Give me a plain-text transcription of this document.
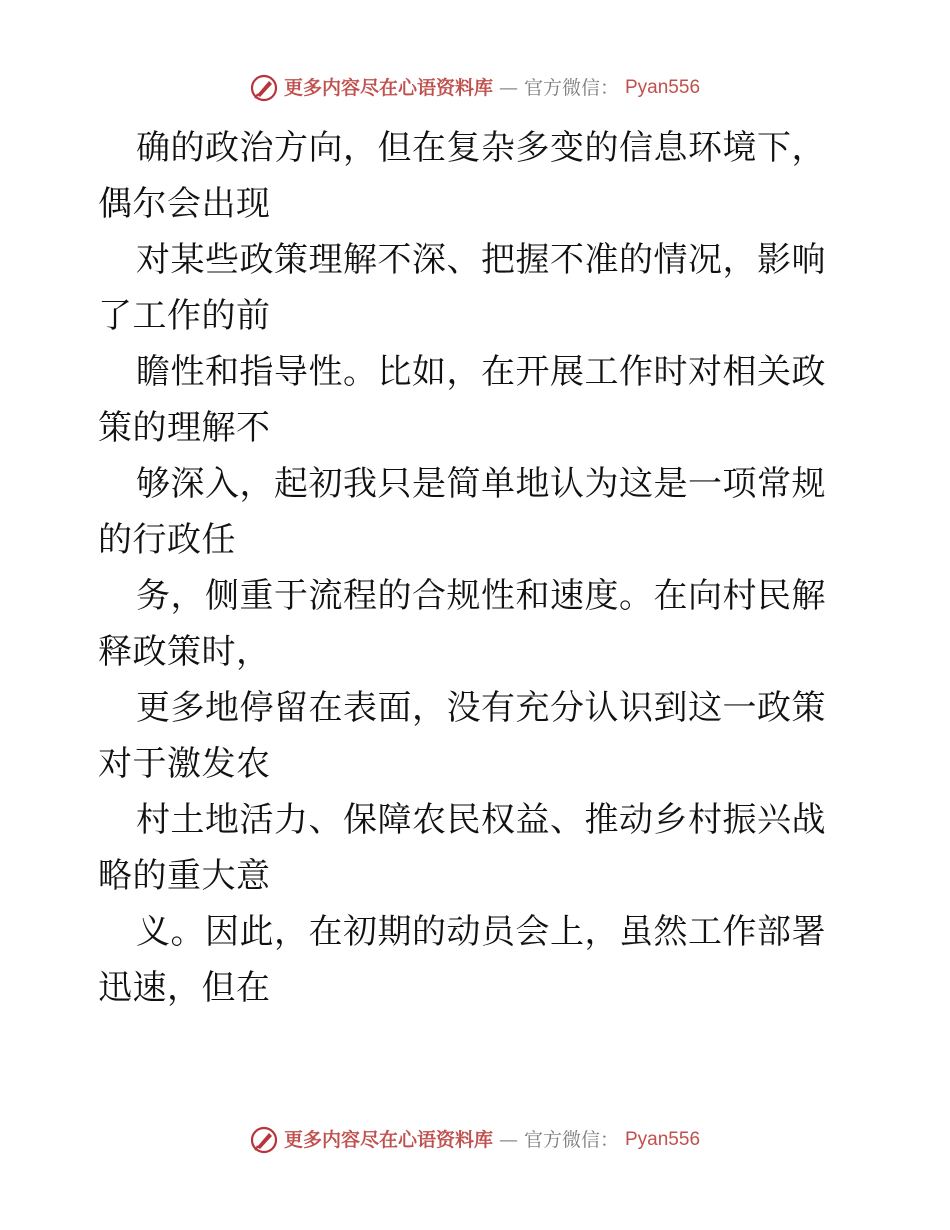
更多内容尽在心语资料库 — 官方微信： Pyan556

确的政治方向，但在复杂多变的信息环境下，偶尔会出现

对某些政策理解不深、把握不准的情况，影响了工作的前

瞻性和指导性。比如，在开展工作时对相关政策的理解不

够深入，起初我只是简单地认为这是一项常规的行政任

务，侧重于流程的合规性和速度。在向村民解释政策时，

更多地停留在表面，没有充分认识到这一政策对于激发农

村土地活力、保障农民权益、推动乡村振兴战略的重大意

义。因此，在初期的动员会上，虽然工作部署迅速，但在

更多内容尽在心语资料库 — 官方微信： Pyan556
